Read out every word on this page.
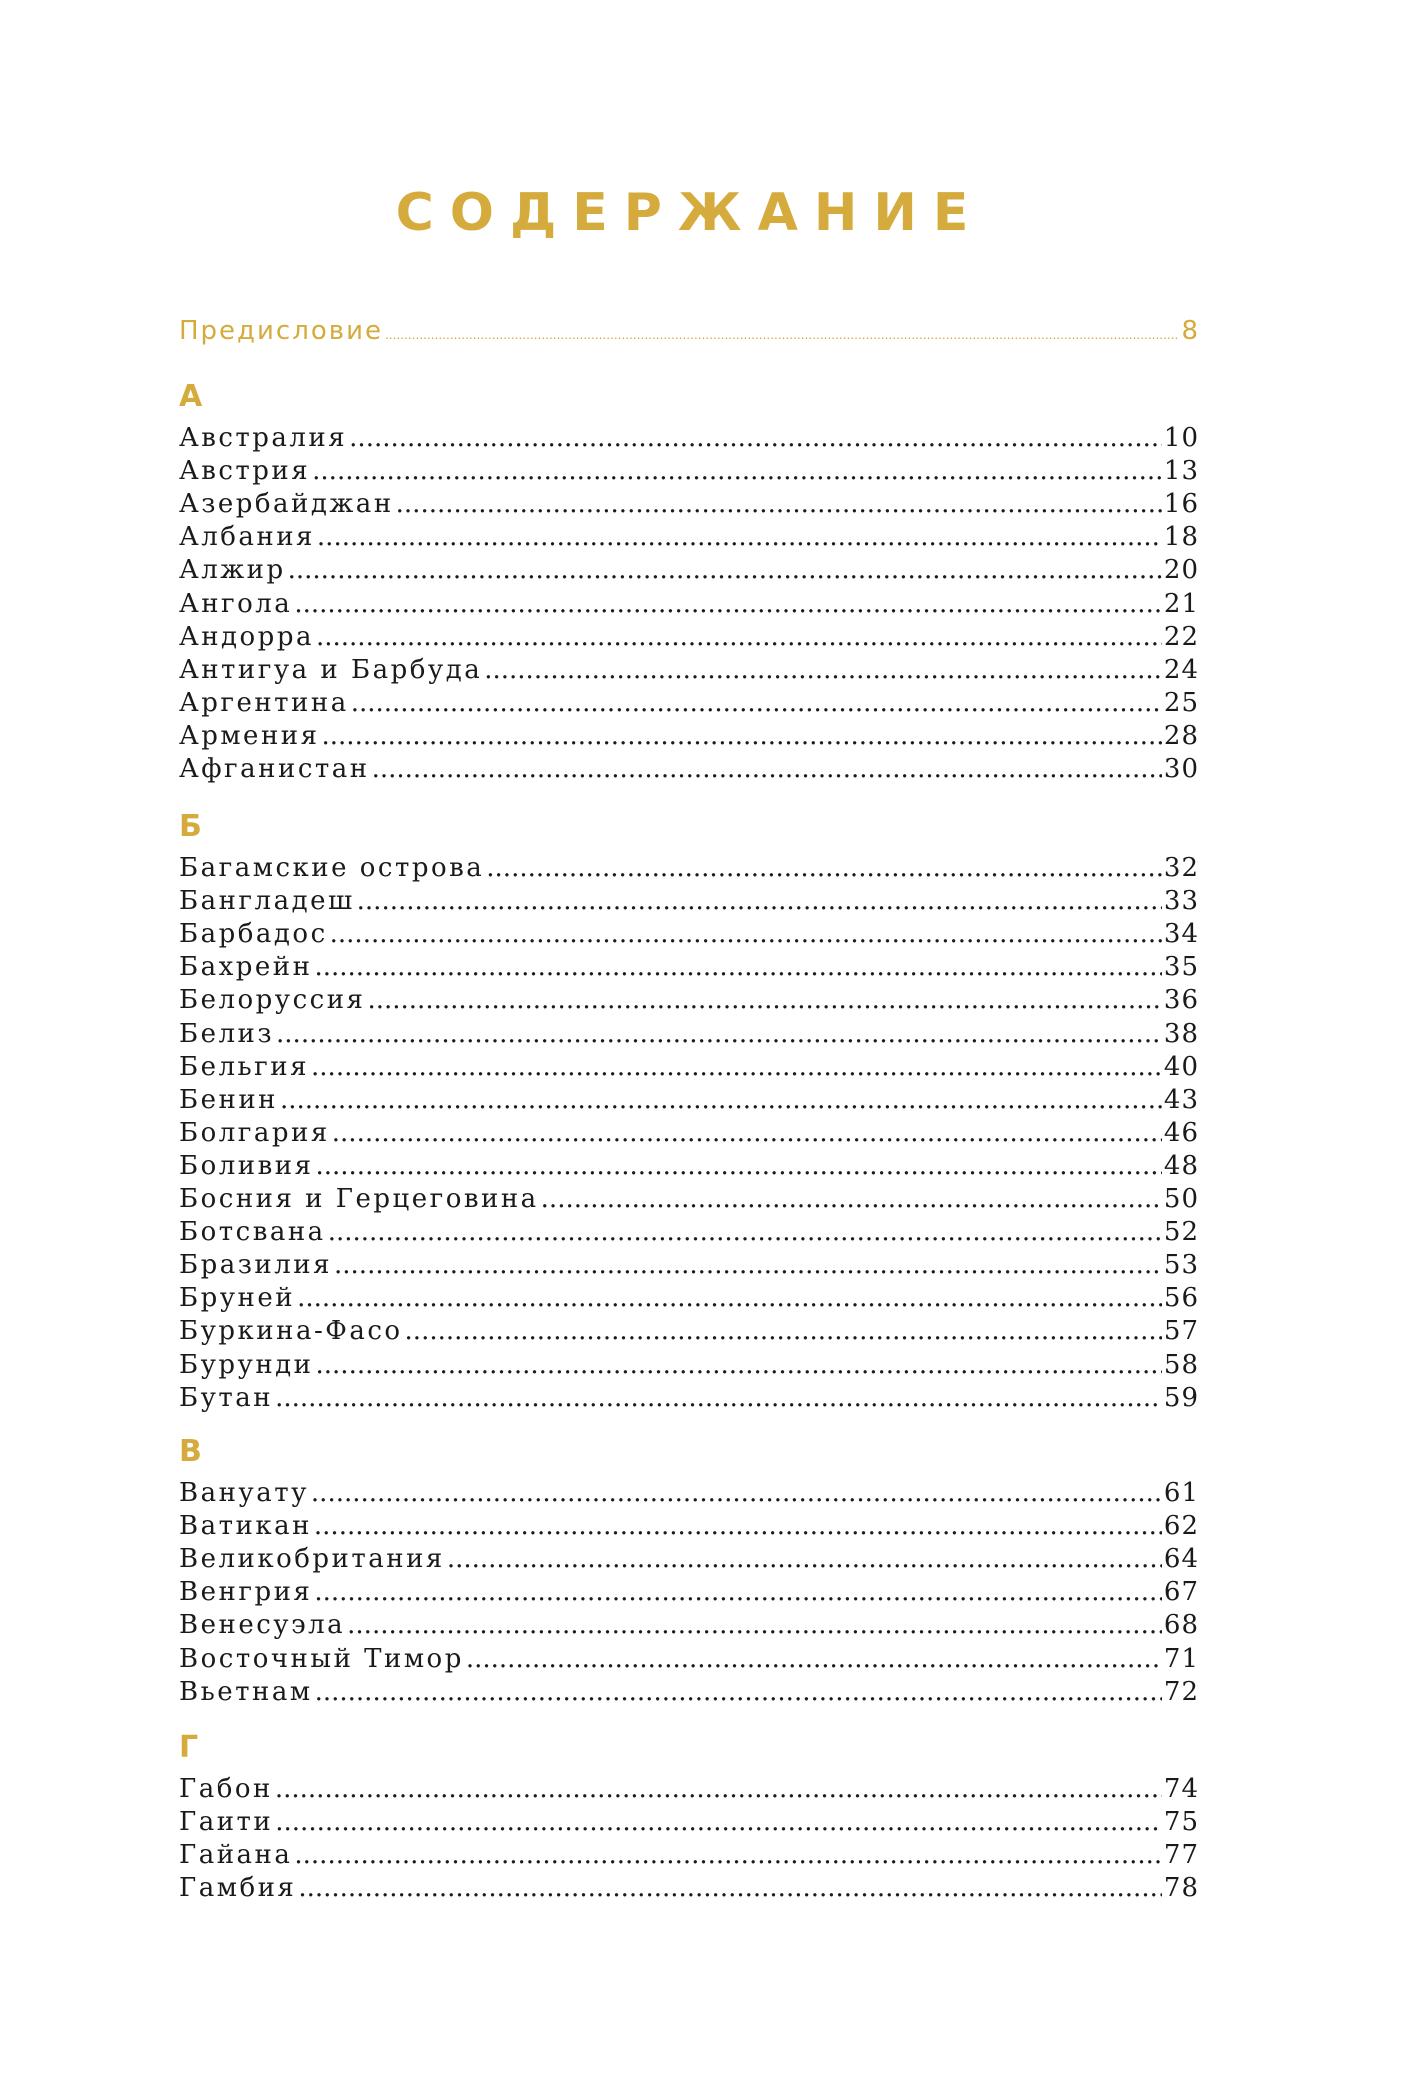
СОДЕРЖАНИЕ
Предисловие .....	8
А
Австралия .....	10
Австрия .....	13
Азербайджан .....	16
Албания .....	18
Алжир .....	20
Ангола .....	21
Андорра .....	22
Антигуа и Барбуда .....	24
Аргентина .....	25
Армения .....	28
Афганистан .....	30
Б
Багамские острова .....	32
Бангладеш .....	33
Барбадос .....	34
Бахрейн .....	35
Белоруссия .....	36
Белиз .....	38
Бельгия .....	40
Бенин .....	43
Болгария .....	46
Боливия .....	48
Босния и Герцеговина .....	50
Ботсвана .....	52
Бразилия .....	53
Бруней .....	56
Буркина-Фасо .....	57
Бурунди .....	58
Бутан .....	59
В
Вануату .....	61
Ватикан .....	62
Великобритания .....	64
Венгрия .....	67
Венесуэла .....	68
Восточный Тимор .....	71
Вьетнам .....	72
Г
Габон .....	74
Гаити .....	75
Гайана .....	77
Гамбия .....	78
